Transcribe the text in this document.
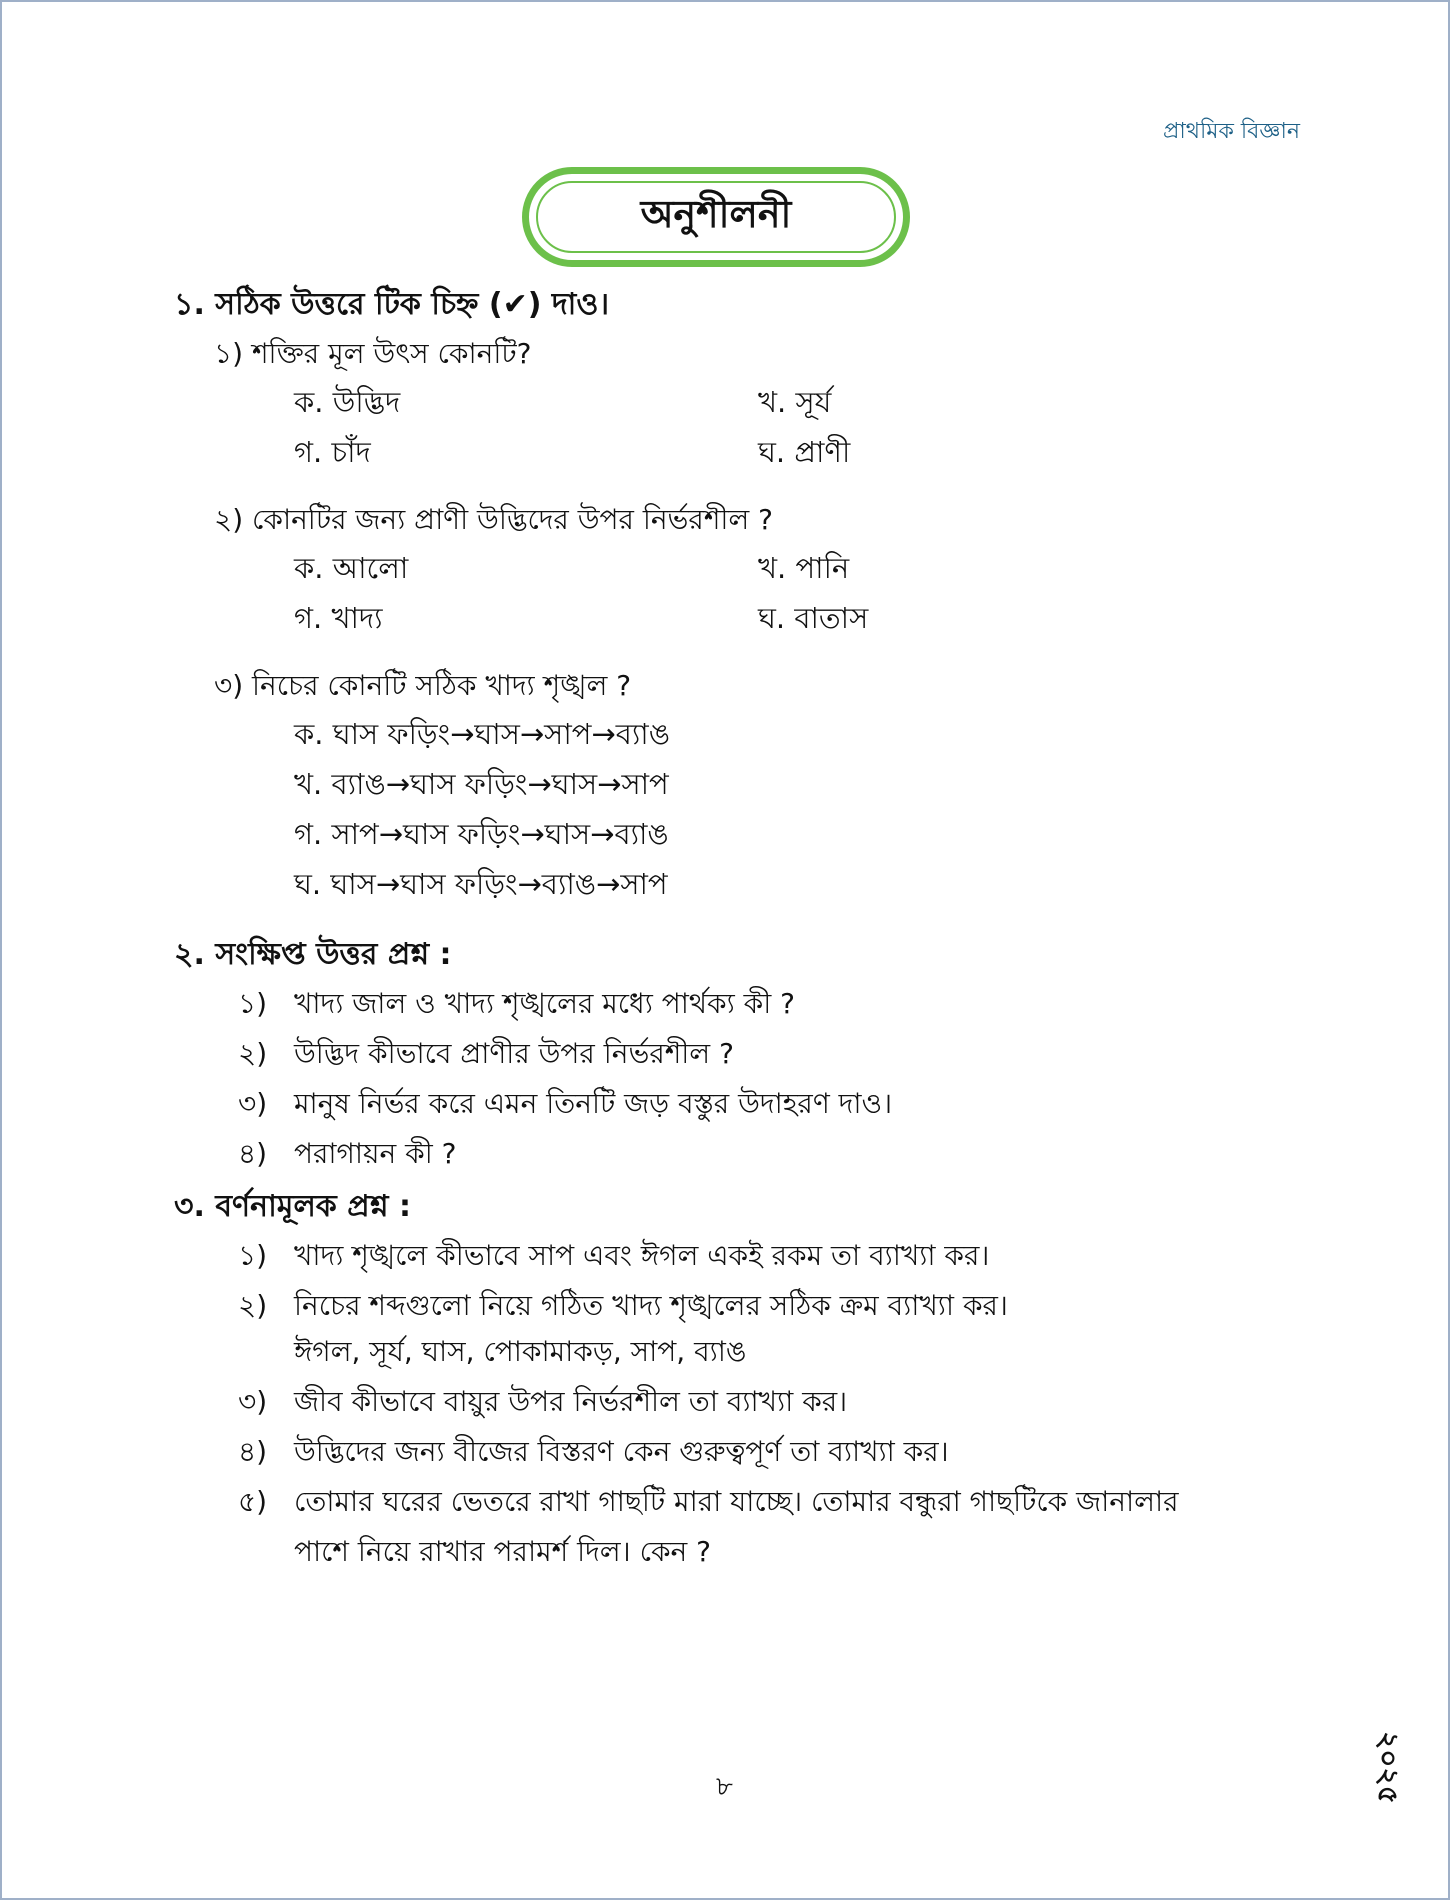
প্রাথমিক বিজ্ঞান
অনুশীলনী
১. সঠিক উত্তরে টিক চিহ্ন (✔) দাও।
১) শক্তির মূল উৎস কোনটি?
ক. উদ্ভিদ	খ. সূর্য
গ. চাঁদ	ঘ. প্রাণী
২) কোনটির জন্য প্রাণী উদ্ভিদের উপর নির্ভরশীল ?
ক. আলো	খ. পানি
গ. খাদ্য	ঘ. বাতাস
৩) নিচের কোনটি সঠিক খাদ্য শৃঙ্খল ?
ক. ঘাস ফড়িং→ঘাস→সাপ→ব্যাঙ
খ. ব্যাঙ→ঘাস ফড়িং→ঘাস→সাপ
গ. সাপ→ঘাস ফড়িং→ঘাস→ব্যাঙ
ঘ. ঘাস→ঘাস ফড়িং→ব্যাঙ→সাপ
২. সংক্ষিপ্ত উত্তর প্রশ্ন :
১) খাদ্য জাল ও খাদ্য শৃঙ্খলের মধ্যে পার্থক্য কী ?
২) উদ্ভিদ কীভাবে প্রাণীর উপর নির্ভরশীল ?
৩) মানুষ নির্ভর করে এমন তিনটি জড় বস্তুর উদাহরণ দাও।
৪) পরাগায়ন কী ?
৩. বর্ণনামূলক প্রশ্ন :
১) খাদ্য শৃঙ্খলে কীভাবে সাপ এবং ঈগল একই রকম তা ব্যাখ্যা কর।
২) নিচের শব্দগুলো নিয়ে গঠিত খাদ্য শৃঙ্খলের সঠিক ক্রম ব্যাখ্যা কর।
ঈগল, সূর্য, ঘাস, পোকামাকড়, সাপ, ব্যাঙ
৩) জীব কীভাবে বায়ুর উপর নির্ভরশীল তা ব্যাখ্যা কর।
৪) উদ্ভিদের জন্য বীজের বিস্তরণ কেন গুরুত্বপূর্ণ তা ব্যাখ্যা কর।
৫) তোমার ঘরের ভেতরে রাখা গাছটি মারা যাচ্ছে। তোমার বন্ধুরা গাছটিকে জানালার
পাশে নিয়ে রাখার পরামর্শ দিল। কেন ?
৮	২০২৫
